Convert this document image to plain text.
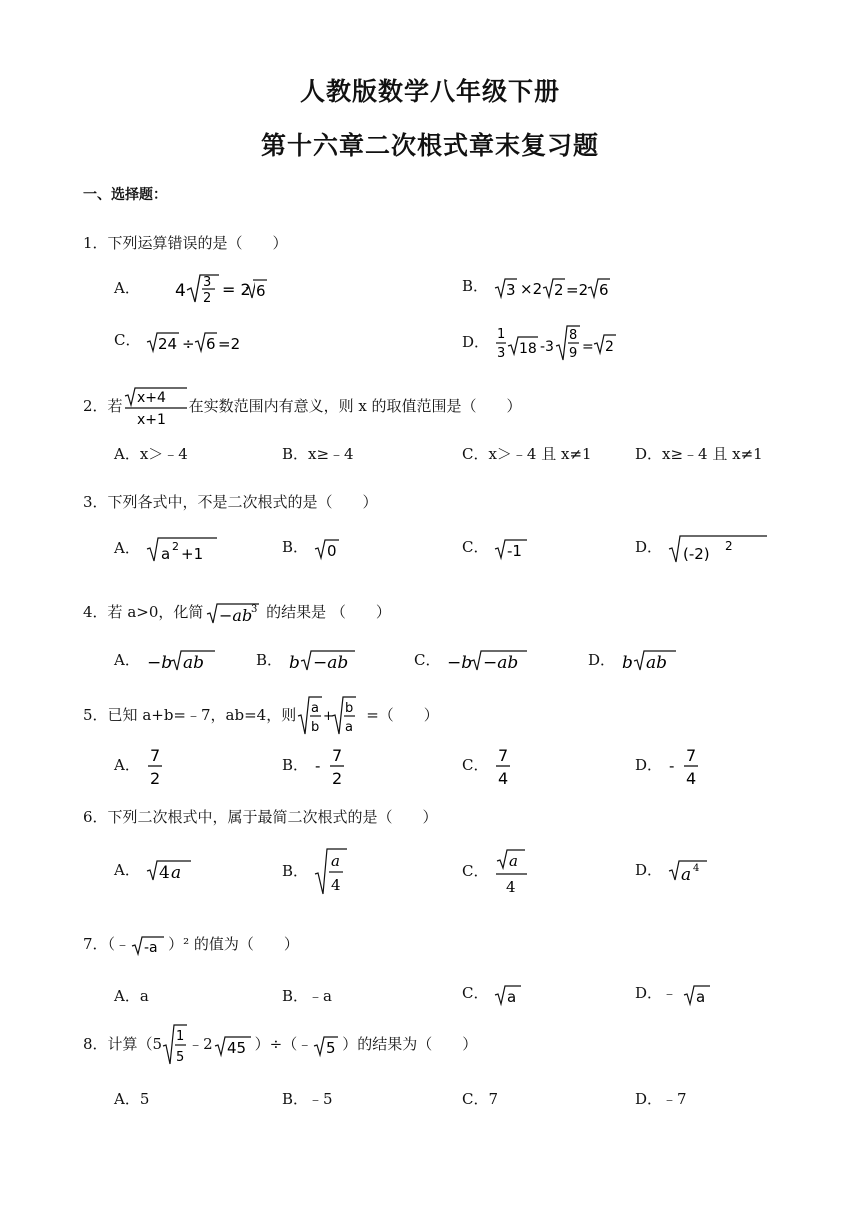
人教版数学八年级下册
第十六章二次根式章末复习题
一、选择题：
1．下列运算错误的是（　　）
A． 4 3
2 = 2
6	B． 3 ×2 2 =2 6
C． 24 ÷ 6 =2	D． 1
3 18 -3
8
9 = 2
2．若 x+4
x+1
在实数范围内有意义，则 x 的取值范围是（　　）
A．x＞﹣4	B．x≥﹣4	C．x＞﹣4 且 x≠1	D．x≥﹣4 且 x≠1
3．下列各式中，不是二次根式的是（　　）
A． a 2 +1	B． 0	C． -1	D． (-2) 2
4．若 a>0，化简 −ab
3 的结果是 （　　）
A． −b ab	B． b −ab	C． −b −ab	D． b ab
5．已知 a+b=﹣7，ab=4，则 a
b
+
b
a
=（　　）
A． 7
2
B． -
7
2
C． 7
4
D． -
7
4
6．下列二次根式中，属于最简二次根式的是（　　）
A． 4 a	B．
a
4
C．
a
4
D． a 4
7．（﹣ -a ）² 的值为（　　）
A．a	B．﹣a	C． a	D．﹣ a
8．计算（5 1
5
﹣2 45 ）÷（﹣ 5 ）的结果为（　　）
A．5	B．﹣5	C．7	D．﹣7
